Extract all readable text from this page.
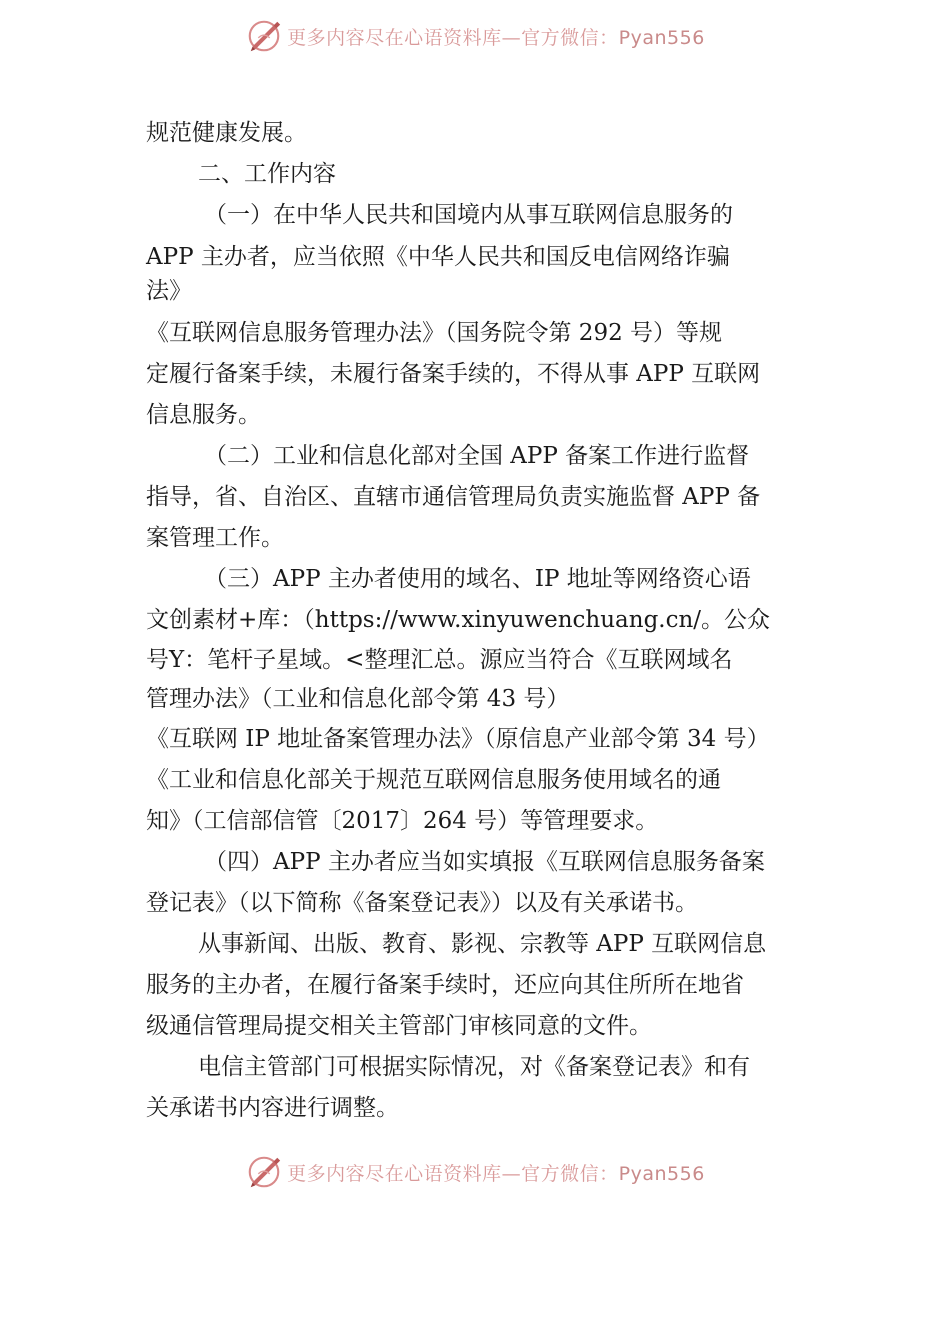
更多内容尽在心语资料库—官方微信：Pyan556
规范健康发展。
二、工作内容
（一）在中华人民共和国境内从事互联网信息服务的
APP 主办者，应当依照《中华人民共和国反电信网络诈骗
法》
《互联网信息服务管理办法》（国务院令第 292 号）等规
定履行备案手续，未履行备案手续的，不得从事 APP 互联网
信息服务。
（二）工业和信息化部对全国 APP 备案工作进行监督
指导，省、自治区、直辖市通信管理局负责实施监督 APP 备
案管理工作。
（三）APP 主办者使用的域名、IP 地址等网络资心语
文创素材+库：（https://www.xinyuwenchuang.cn/。公众
号Y：笔杆子星域。<整理汇总。源应当符合《互联网域名
管理办法》（工业和信息化部令第 43 号）
《互联网 IP 地址备案管理办法》（原信息产业部令第 34 号）
《工业和信息化部关于规范互联网信息服务使用域名的通
知》（工信部信管〔2017〕264 号）等管理要求。
（四）APP 主办者应当如实填报《互联网信息服务备案
登记表》（以下简称《备案登记表》）以及有关承诺书。
从事新闻、出版、教育、影视、宗教等 APP 互联网信息
服务的主办者，在履行备案手续时，还应向其住所所在地省
级通信管理局提交相关主管部门审核同意的文件。
电信主管部门可根据实际情况，对《备案登记表》和有
关承诺书内容进行调整。
更多内容尽在心语资料库—官方微信：Pyan556
